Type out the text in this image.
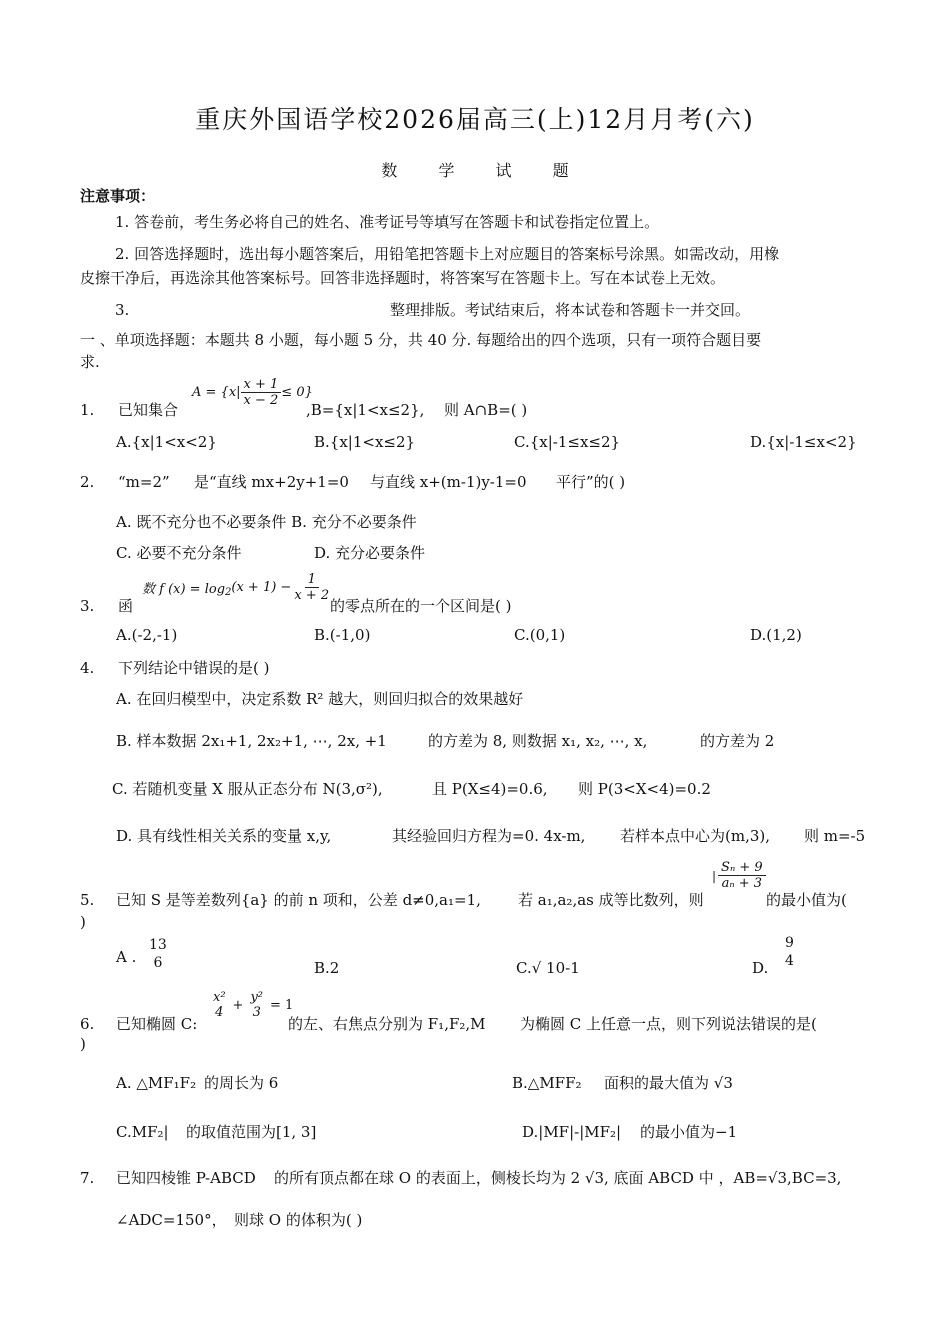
重庆外国语学校2026届高三(上)12月月考(六)
数	学	试	题
注意事项：
1. 答卷前，考生务必将自己的姓名、准考证号等填写在答题卡和试卷指定位置上。
2. 回答选择题时，选出每小题答案后，用铅笔把答题卡上对应题目的答案标号涂黑。如需改动，用橡
皮擦干净后，再选涂其他答案标号。回答非选择题时，将答案写在答题卡上。写在本试卷上无效。
3.	整理排版。考试结束后，将本试卷和答题卡一并交回。
一 、单项选择题：本题共 8 小题，每小题 5 分，共 40 分. 每题给出的四个选项，只有一项符合题目要
求.
1. 已知集合
$A = \{x| \frac{x + 1}{x - 2} \le 0\}$
,B={x|1<x≤2}, 则 A∩B=( )
A.{x|1<x<2}	B.{x|1<x≤2}	C.{x|-1≤x≤2}	D.{x|-1≤x<2}
2. “m=2” 是“直线 mx+2y+1=0 与直线 x+(m-1)y-1=0 平行”的( )
A. 既不充分也不必要条件 B. 充分不必要条件
C. 必要不充分条件	D. 充分必要条件
3. 函
数 f (x) = log 2 $(x + 1) - \frac{1}{x + 2}$
的零点所在的一个区间是( )
A.(-2,-1)	B.(-1,0)	C.(0,1)	D.(1,2)
4. 下列结论中错误的是( )
A. 在回归模型中，决定系数 R² 越大，则回归拟合的效果越好
B. 样本数据 2x₁+1, 2x₂+1, ⋯, 2x, +1	的方差为 8, 则数据 x₁, x₂, ⋯, x,	的方差为 2
C. 若随机变量 X 服从正态分布 N(3,σ²),	且 P(X≤4)=0.6, 则 P(3<X<4)=0.2
D. 具有线性相关关系的变量 x,y,	其经验回归方程为=0. 4x-m, 若样本点中心为(m,3), 则 m=-5
5. 已知 S 是等差数列{a} 的前 n 项和，公差 d≠0,a₁=1, 若 a₁,a₂,as 成等比数列，则
| $\frac{\text{Sₙ + 9}}{\text{aₙ + 3}}$
的最小值为(
)
A .
13
6	B.2	C.√ 10-1	D.
9
4
6. 已知椭圆 C:
x²
4 + y²
3 = 1
的左、右焦点分别为 F₁,F₂,M 为椭圆 C 上任意一点，则下列说法错误的是(
)
A. △MF₁F₂ 的周长为 6	B.△MFF₂ 面积的最大值为 √3
C.MF₂| 的取值范围为[1, 3]	D.|MF|-|MF₂| 的最小值为−1
7. 已知四棱锥 P-ABCD 的所有顶点都在球 O 的表面上，侧棱长均为 2 √3, 底面 ABCD 中 ，AB=√3,BC=3,
∠ADC=150°， 则球 O 的体积为( )
